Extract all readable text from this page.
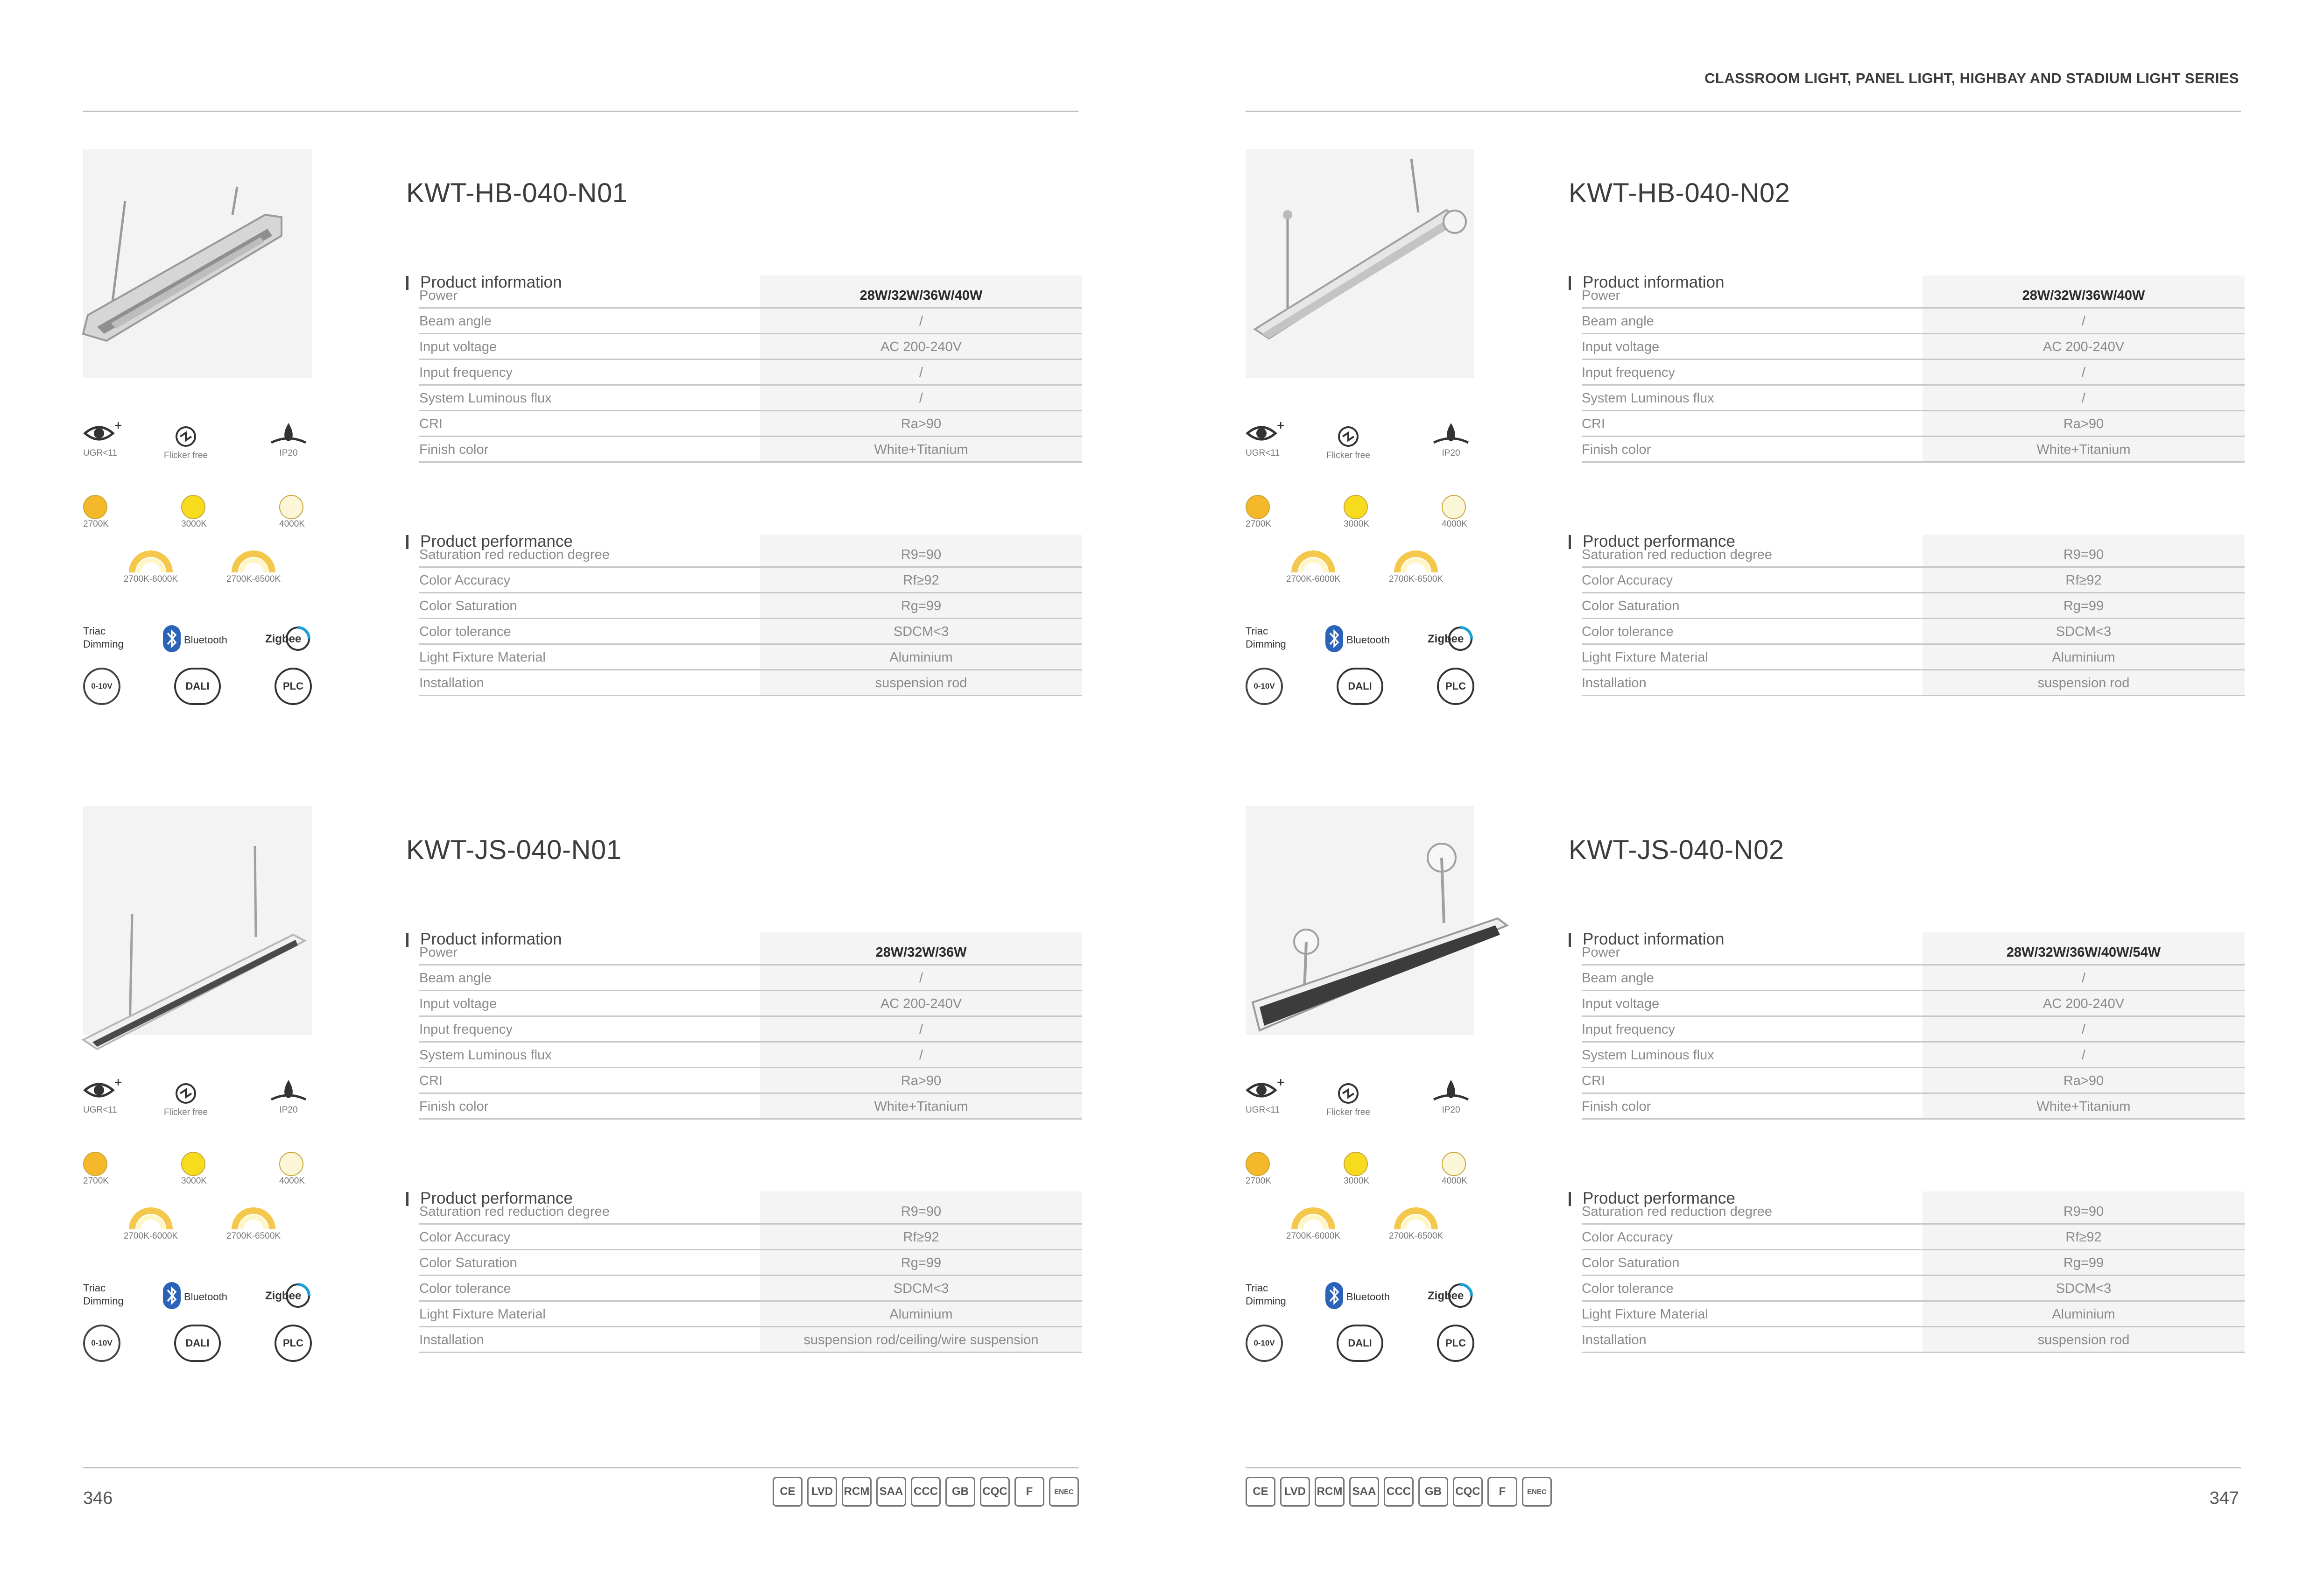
CLASSROOM LIGHT, PANEL LIGHT, HIGHBAY AND STADIUM LIGHT SERIES
+
UGR<11	Flicker free	IP20
2700K	3000K	4000K
2700K-6000K	2700K-6500K
Triac Dimming	Bluetooth	Zigbee
0-10V	DALI	PLC
KWT-HB-040-N01
Product information
Power	28W/32W/36W/40W
Beam angle	/
Input voltage	AC 200-240V
Input frequency	/
System Luminous flux	/
CRI	Ra>90
Finish color	White+Titanium
Product performance
Saturation red reduction degree	R9=90
Color Accuracy	Rf≥92
Color Saturation	Rg=99
Color tolerance	SDCM<3
Light Fixture Material	Aluminium
Installation	suspension rod
+
UGR<11	Flicker free	IP20
2700K	3000K	4000K
2700K-6000K	2700K-6500K
Triac Dimming	Bluetooth	Zigbee
0-10V	DALI	PLC
KWT-HB-040-N02
Product information
Power	28W/32W/36W/40W
Beam angle	/
Input voltage	AC 200-240V
Input frequency	/
System Luminous flux	/
CRI	Ra>90
Finish color	White+Titanium
Product performance
Saturation red reduction degree	R9=90
Color Accuracy	Rf≥92
Color Saturation	Rg=99
Color tolerance	SDCM<3
Light Fixture Material	Aluminium
Installation	suspension rod
+
UGR<11	Flicker free	IP20
2700K	3000K	4000K
2700K-6000K	2700K-6500K
Triac Dimming	Bluetooth	Zigbee
0-10V	DALI	PLC
KWT-JS-040-N01
Product information
Power	28W/32W/36W
Beam angle	/
Input voltage	AC 200-240V
Input frequency	/
System Luminous flux	/
CRI	Ra>90
Finish color	White+Titanium
Product performance
Saturation red reduction degree	R9=90
Color Accuracy	Rf≥92
Color Saturation	Rg=99
Color tolerance	SDCM<3
Light Fixture Material	Aluminium
Installation	suspension rod/ceiling/wire suspension
+
UGR<11	Flicker free	IP20
2700K	3000K	4000K
2700K-6000K	2700K-6500K
Triac Dimming	Bluetooth	Zigbee
0-10V	DALI	PLC
KWT-JS-040-N02
Product information
Power	28W/32W/36W/40W/54W
Beam angle	/
Input voltage	AC 200-240V
Input frequency	/
System Luminous flux	/
CRI	Ra>90
Finish color	White+Titanium
Product performance
Saturation red reduction degree	R9=90
Color Accuracy	Rf≥92
Color Saturation	Rg=99
Color tolerance	SDCM<3
Light Fixture Material	Aluminium
Installation	suspension rod
346	347
CE	LVD RCM SAA CCC	GB	CQC	F	ENEC	CE	LVD RCM SAA CCC	GB	CQC	F	ENEC
